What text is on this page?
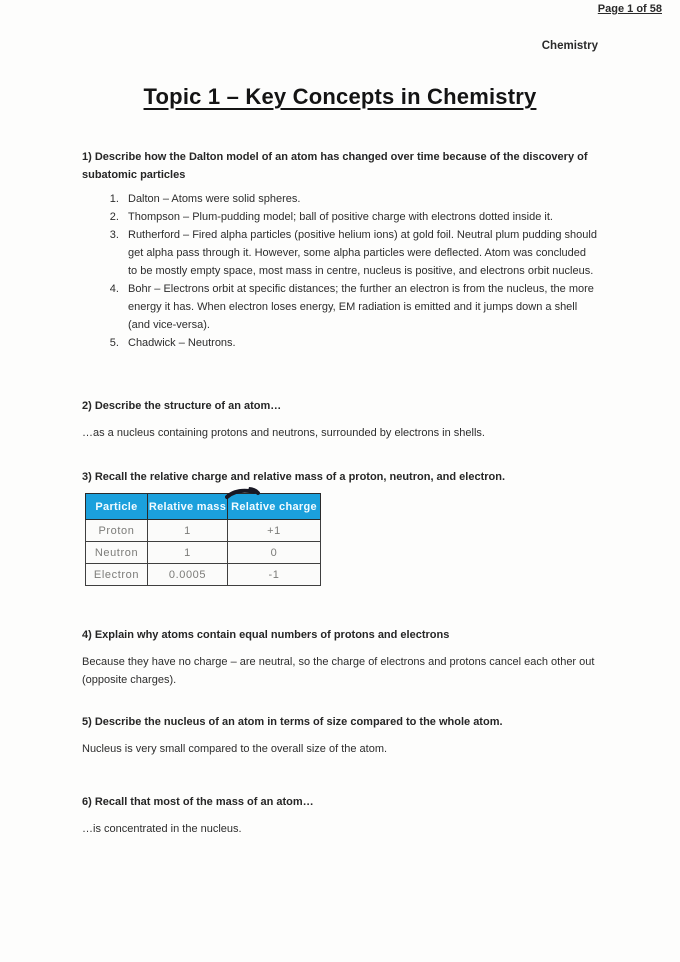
Page 1 of 58
Chemistry
Topic 1 – Key Concepts in Chemistry

1) Describe how the Dalton model of an atom has changed over time because of the discovery of subatomic particles

1. Dalton – Atoms were solid spheres.
2. Thompson – Plum-pudding model; ball of positive charge with electrons dotted inside it.
3. Rutherford – Fired alpha particles (positive helium ions) at gold foil. Neutral plum pudding should get alpha pass through it. However, some alpha particles were deflected. Atom was concluded to be mostly empty space, most mass in centre, nucleus is positive, and electrons orbit nucleus.
4. Bohr – Electrons orbit at specific distances; the further an electron is from the nucleus, the more energy it has. When electron loses energy, EM radiation is emitted and it jumps down a shell (and vice-versa).
5. Chadwick – Neutrons.

2) Describe the structure of an atom…

…as a nucleus containing protons and neutrons, surrounded by electrons in shells.

3) Recall the relative charge and relative mass of a proton, neutron, and electron.

Particle	Relative mass	Relative charge
Proton	1	+1
Neutron	1	0
Electron	0.0005	-1

4) Explain why atoms contain equal numbers of protons and electrons

Because they have no charge – are neutral, so the charge of electrons and protons cancel each other out (opposite charges).

5) Describe the nucleus of an atom in terms of size compared to the whole atom.

Nucleus is very small compared to the overall size of the atom.

6) Recall that most of the mass of an atom…

…is concentrated in the nucleus.
